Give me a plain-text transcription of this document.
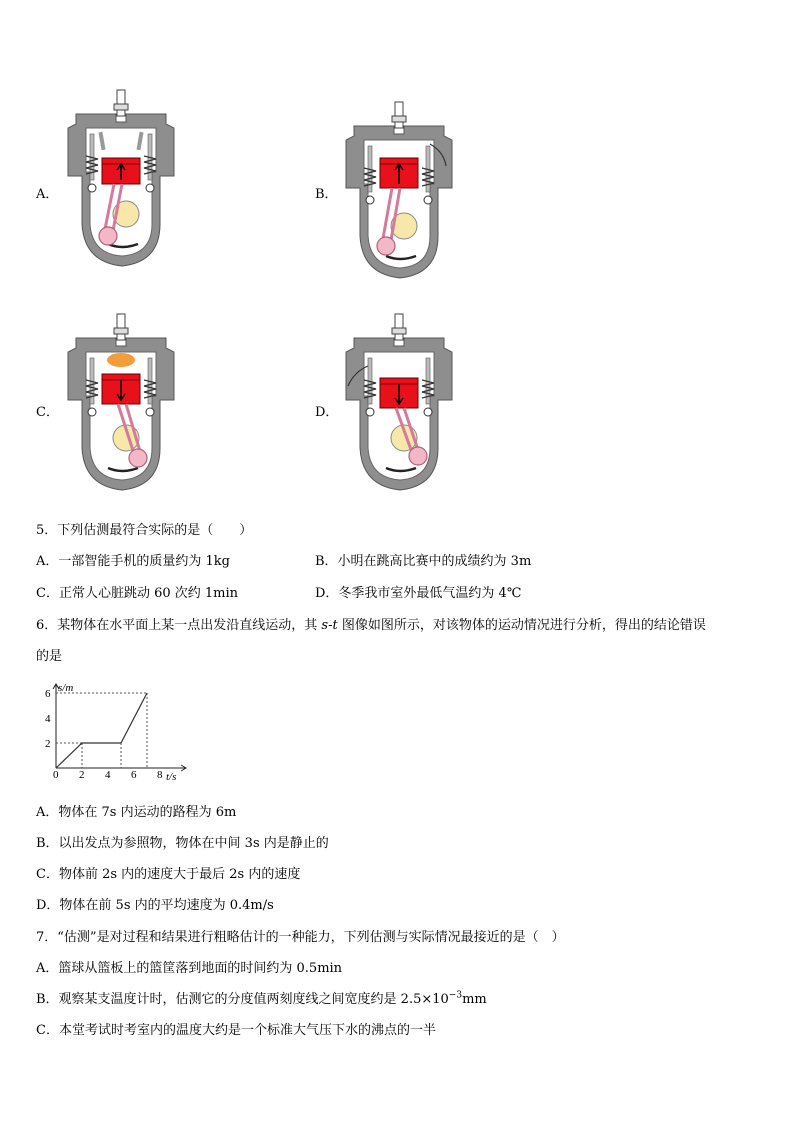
A．	B．
C．	D．
5．下列估测最符合实际的是（　　）
A．一部智能手机的质量约为 1kg	B．小明在跳高比赛中的成绩约为 3m
C．正常人心脏跳动 60 次约 1min	D．冬季我市室外最低气温约为 4℃
6．某物体在水平面上某一点出发沿直线运动，其 s-t 图像如图所示，对该物体的运动情况进行分析，得出的结论错误
的是
0 2 4 6 8
2
4
6 s/m
t/s
A．物体在 7s 内运动的路程为 6m
B．以出发点为参照物，物体在中间 3s 内是静止的
C．物体前 2s 内的速度大于最后 2s 内的速度
D．物体在前 5s 内的平均速度为 0.4m/s
7．“估测”是对过程和结果进行粗略估计的一种能力，下列估测与实际情况最接近的是（　）
A．篮球从篮板上的篮筐落到地面的时间约为 0.5min
B．观察某支温度计时，估测它的分度值两刻度线之间宽度约是 $2.5\times 10^{-3}mm$
C．本堂考试时考室内的温度大约是一个标准大气压下水的沸点的一半
